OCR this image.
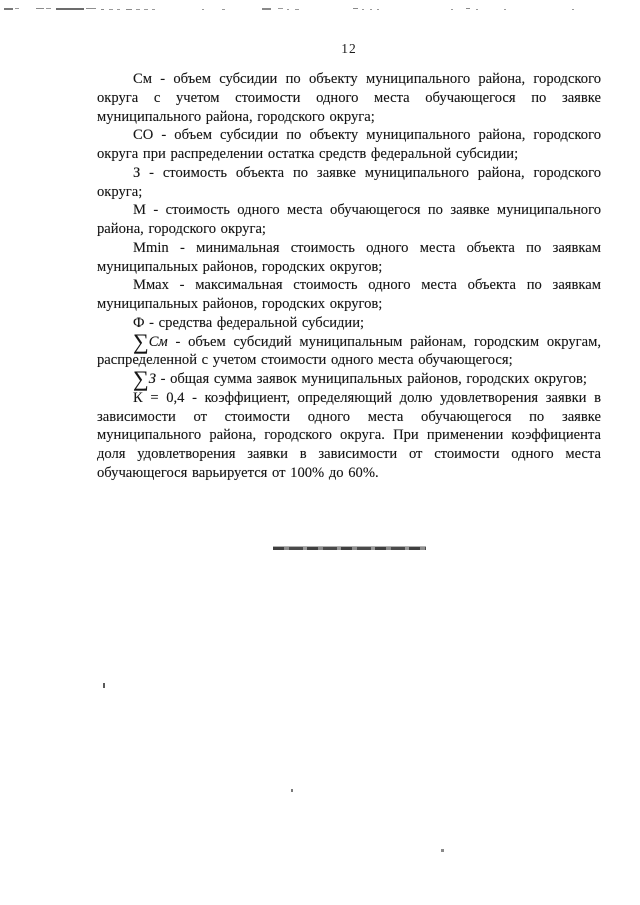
12

См - объем субсидии по объекту муниципального района, городского округа с учетом стоимости одного места обучающегося по заявке муниципального района, городского округа;

СО - объем субсидии по объекту муниципального района, городского округа при распределении остатка средств федеральной субсидии;

З - стоимость объекта по заявке муниципального района, городского округа;

М - стоимость одного места обучающегося по заявке муниципального района, городского округа;

Mmin - минимальная стоимость одного места объекта по заявкам муниципальных районов, городских округов;

Ммах - максимальная стоимость одного места объекта по заявкам муниципальных районов, городских округов;

Ф - средства федеральной субсидии;

∑См - объем субсидий муниципальным районам, городским округам, распределенной с учетом стоимости одного места обучающегося;

∑З - общая сумма заявок муниципальных районов, городских округов;

К = 0,4 - коэффициент, определяющий долю удовлетворения заявки в зависимости от стоимости одного места обучающегося по заявке муниципального района, городского округа. При применении коэффициента доля удовлетворения заявки в зависимости от стоимости одного места обучающегося варьируется от 100% до 60%.
